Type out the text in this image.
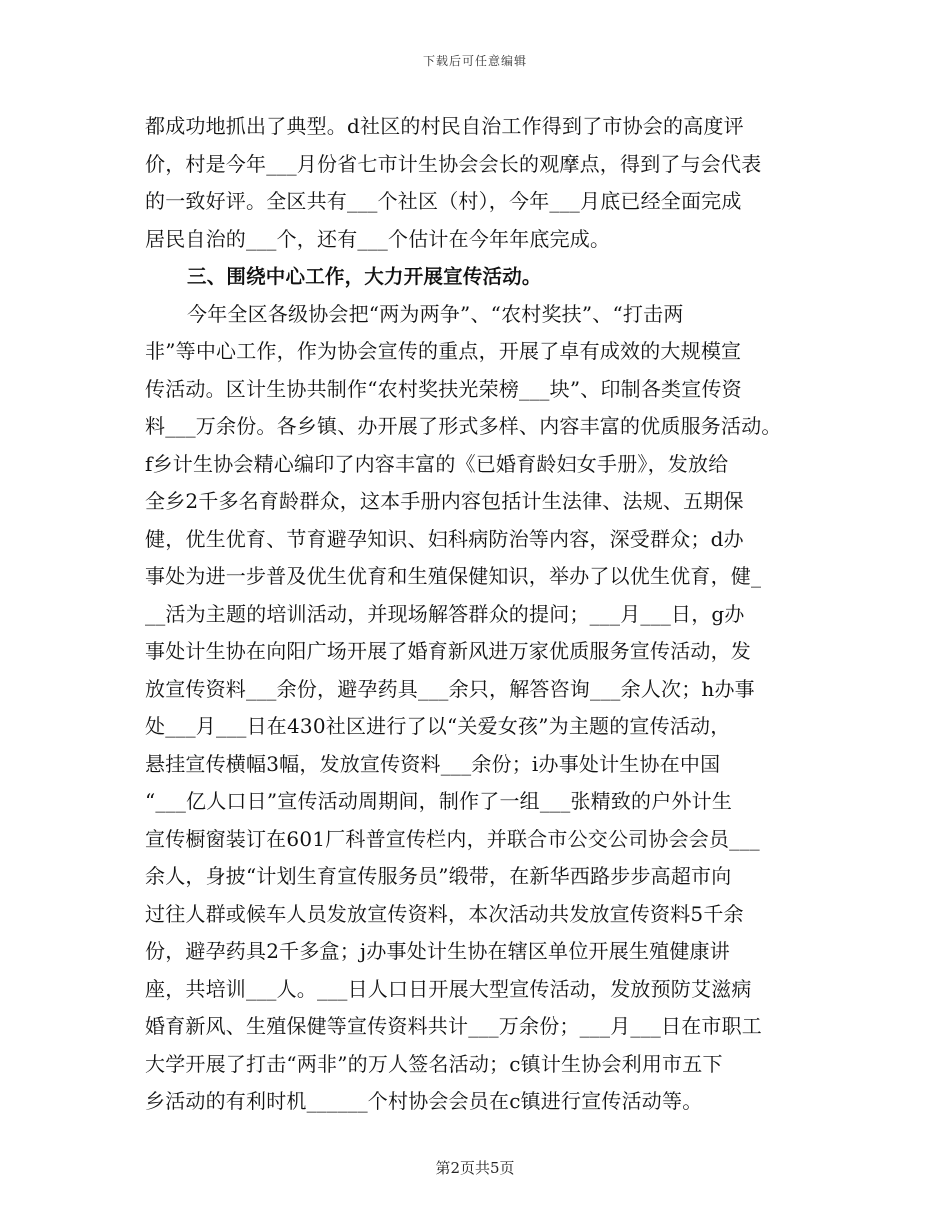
下载后可任意编辑
都成功地抓出了典型。d社区的村民自治工作得到了市协会的高度评
价，村是今年___月份省七市计生协会会长的观摩点，得到了与会代表
的一致好评。全区共有___个社区（村），今年___月底已经全面完成
居民自治的___个，还有___个估计在今年年底完成。
三、围绕中心工作，大力开展宣传活动。
今年全区各级协会把“两为两争”、“农村奖扶”、“打击两
非”等中心工作，作为协会宣传的重点，开展了卓有成效的大规模宣
传活动。区计生协共制作“农村奖扶光荣榜___块”、印制各类宣传资
料___万余份。各乡镇、办开展了形式多样、内容丰富的优质服务活动。
f乡计生协会精心编印了内容丰富的《已婚育龄妇女手册》，发放给
全乡2千多名育龄群众，这本手册内容包括计生法律、法规、五期保
健，优生优育、节育避孕知识、妇科病防治等内容，深受群众；d办
事处为进一步普及优生优育和生殖保健知识，举办了以优生优育，健_
__活为主题的培训活动，并现场解答群众的提问；___月___日，g办
事处计生协在向阳广场开展了婚育新风进万家优质服务宣传活动，发
放宣传资料___余份，避孕药具___余只，解答咨询___余人次；h办事
处___月___日在430社区进行了以“关爱女孩”为主题的宣传活动，
悬挂宣传横幅3幅，发放宣传资料___余份；i办事处计生协在中国
“___亿人口日”宣传活动周期间，制作了一组___张精致的户外计生
宣传橱窗装订在601厂科普宣传栏内，并联合市公交公司协会会员___
余人，身披“计划生育宣传服务员”缎带，在新华西路步步高超市向
过往人群或候车人员发放宣传资料，本次活动共发放宣传资料5千余
份，避孕药具2千多盒；j办事处计生协在辖区单位开展生殖健康讲
座，共培训___人。___日人口日开展大型宣传活动，发放预防艾滋病
婚育新风、生殖保健等宣传资料共计___万余份；___月___日在市职工
大学开展了打击“两非”的万人签名活动；c镇计生协会利用市五下
乡活动的有利时机______个村协会会员在c镇进行宣传活动等。
第2页共5页
